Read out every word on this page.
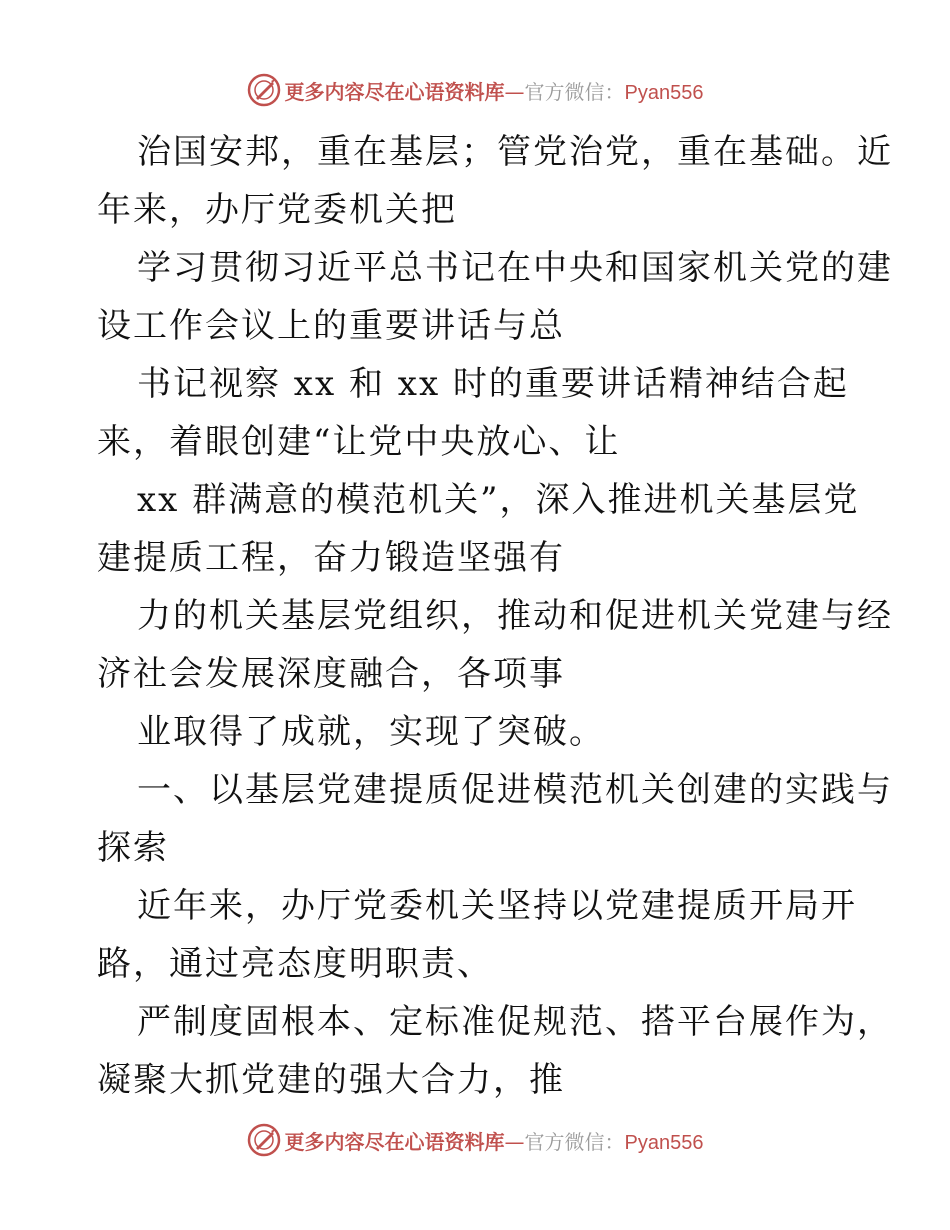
更多内容尽在心语资料库—官方微信：Pyan556
治国安邦，重在基层；管党治党，重在基础。近
年来，办厅党委机关把
学习贯彻习近平总书记在中央和国家机关党的建
设工作会议上的重要讲话与总
书记视察 xx 和 xx 时的重要讲话精神结合起
来，着眼创建“让党中央放心、让
xx 群满意的模范机关”，深入推进机关基层党
建提质工程，奋力锻造坚强有
力的机关基层党组织，推动和促进机关党建与经
济社会发展深度融合，各项事
业取得了成就，实现了突破。
一、以基层党建提质促进模范机关创建的实践与
探索
近年来，办厅党委机关坚持以党建提质开局开
路，通过亮态度明职责、
严制度固根本、定标准促规范、搭平台展作为，
凝聚大抓党建的强大合力，推
更多内容尽在心语资料库—官方微信：Pyan556
